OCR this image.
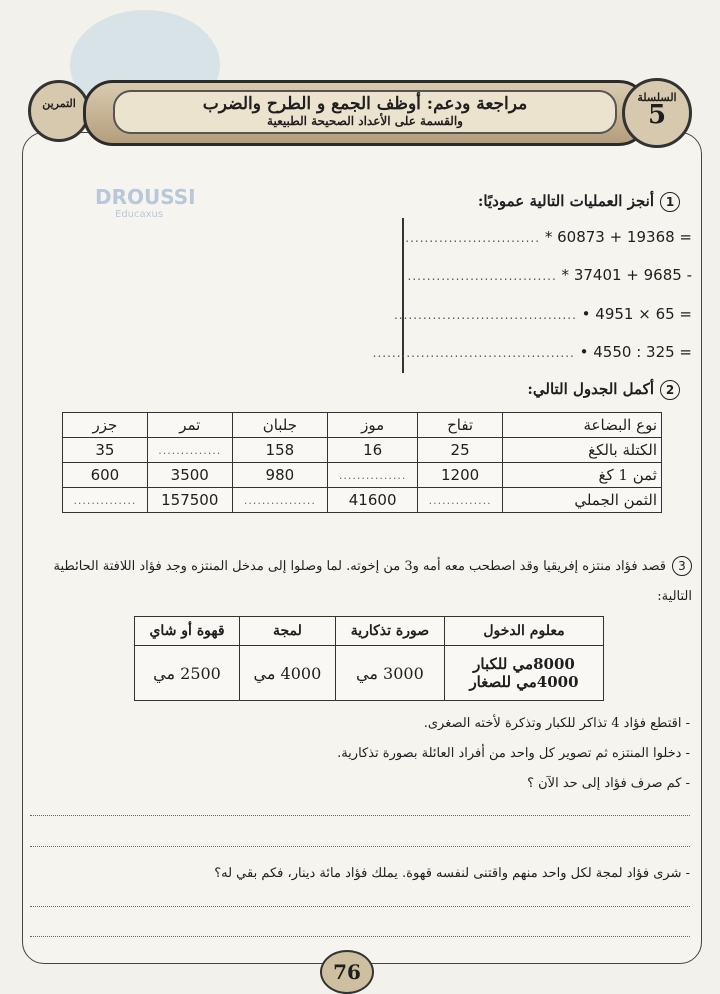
DROUSSI
Educaxus
التمرين	مراجعة ودعم: أوظف الجمع و الطرح والضرب
والقسمة على الأعداد الصحيحة الطبيعية
السلسلة
5
1أنجز العمليات التالية عموديًا:
............................ * 60873 + 19368 =
............................... * 37401 + 9685 -
...................................... • 4951 × 65 =
.......................................... • 4550 : 325 =
2أكمل الجدول التالي:
نوع البضاعة	تفاح	موز	جلبان	تمر	جزر
الكتلة بالكغ	25	16	158	..............	35
ثمن 1 كغ	1200	...............	980	3500	600
الثمن الجملي	..............	41600	................	157500	..............
3قصد فؤاد منتزه إفريقيا وقد اصطحب معه أمه و3 من إخوته. لما وصلوا إلى مدخل المنتزه وجد فؤاد اللافتة الحائطية التالية:
معلوم الدخول	صورة تذكارية	لمجة	قهوة أو شاي

8000مي للكبار
4000مي للصغار	3000 مي	4000 مي	2500 مي
- اقتطع فؤاد 4 تذاكر للكبار وتذكرة لأخته الصغرى.
- دخلوا المنتزه ثم تصوير كل واحد من أفراد العائلة بصورة تذكارية.
- كم صرف فؤاد إلى حد الآن ؟
- شرى فؤاد لمجة لكل واحد منهم واقتنى لنفسه قهوة. يملك فؤاد مائة دينار، فكم بقي له؟
76
